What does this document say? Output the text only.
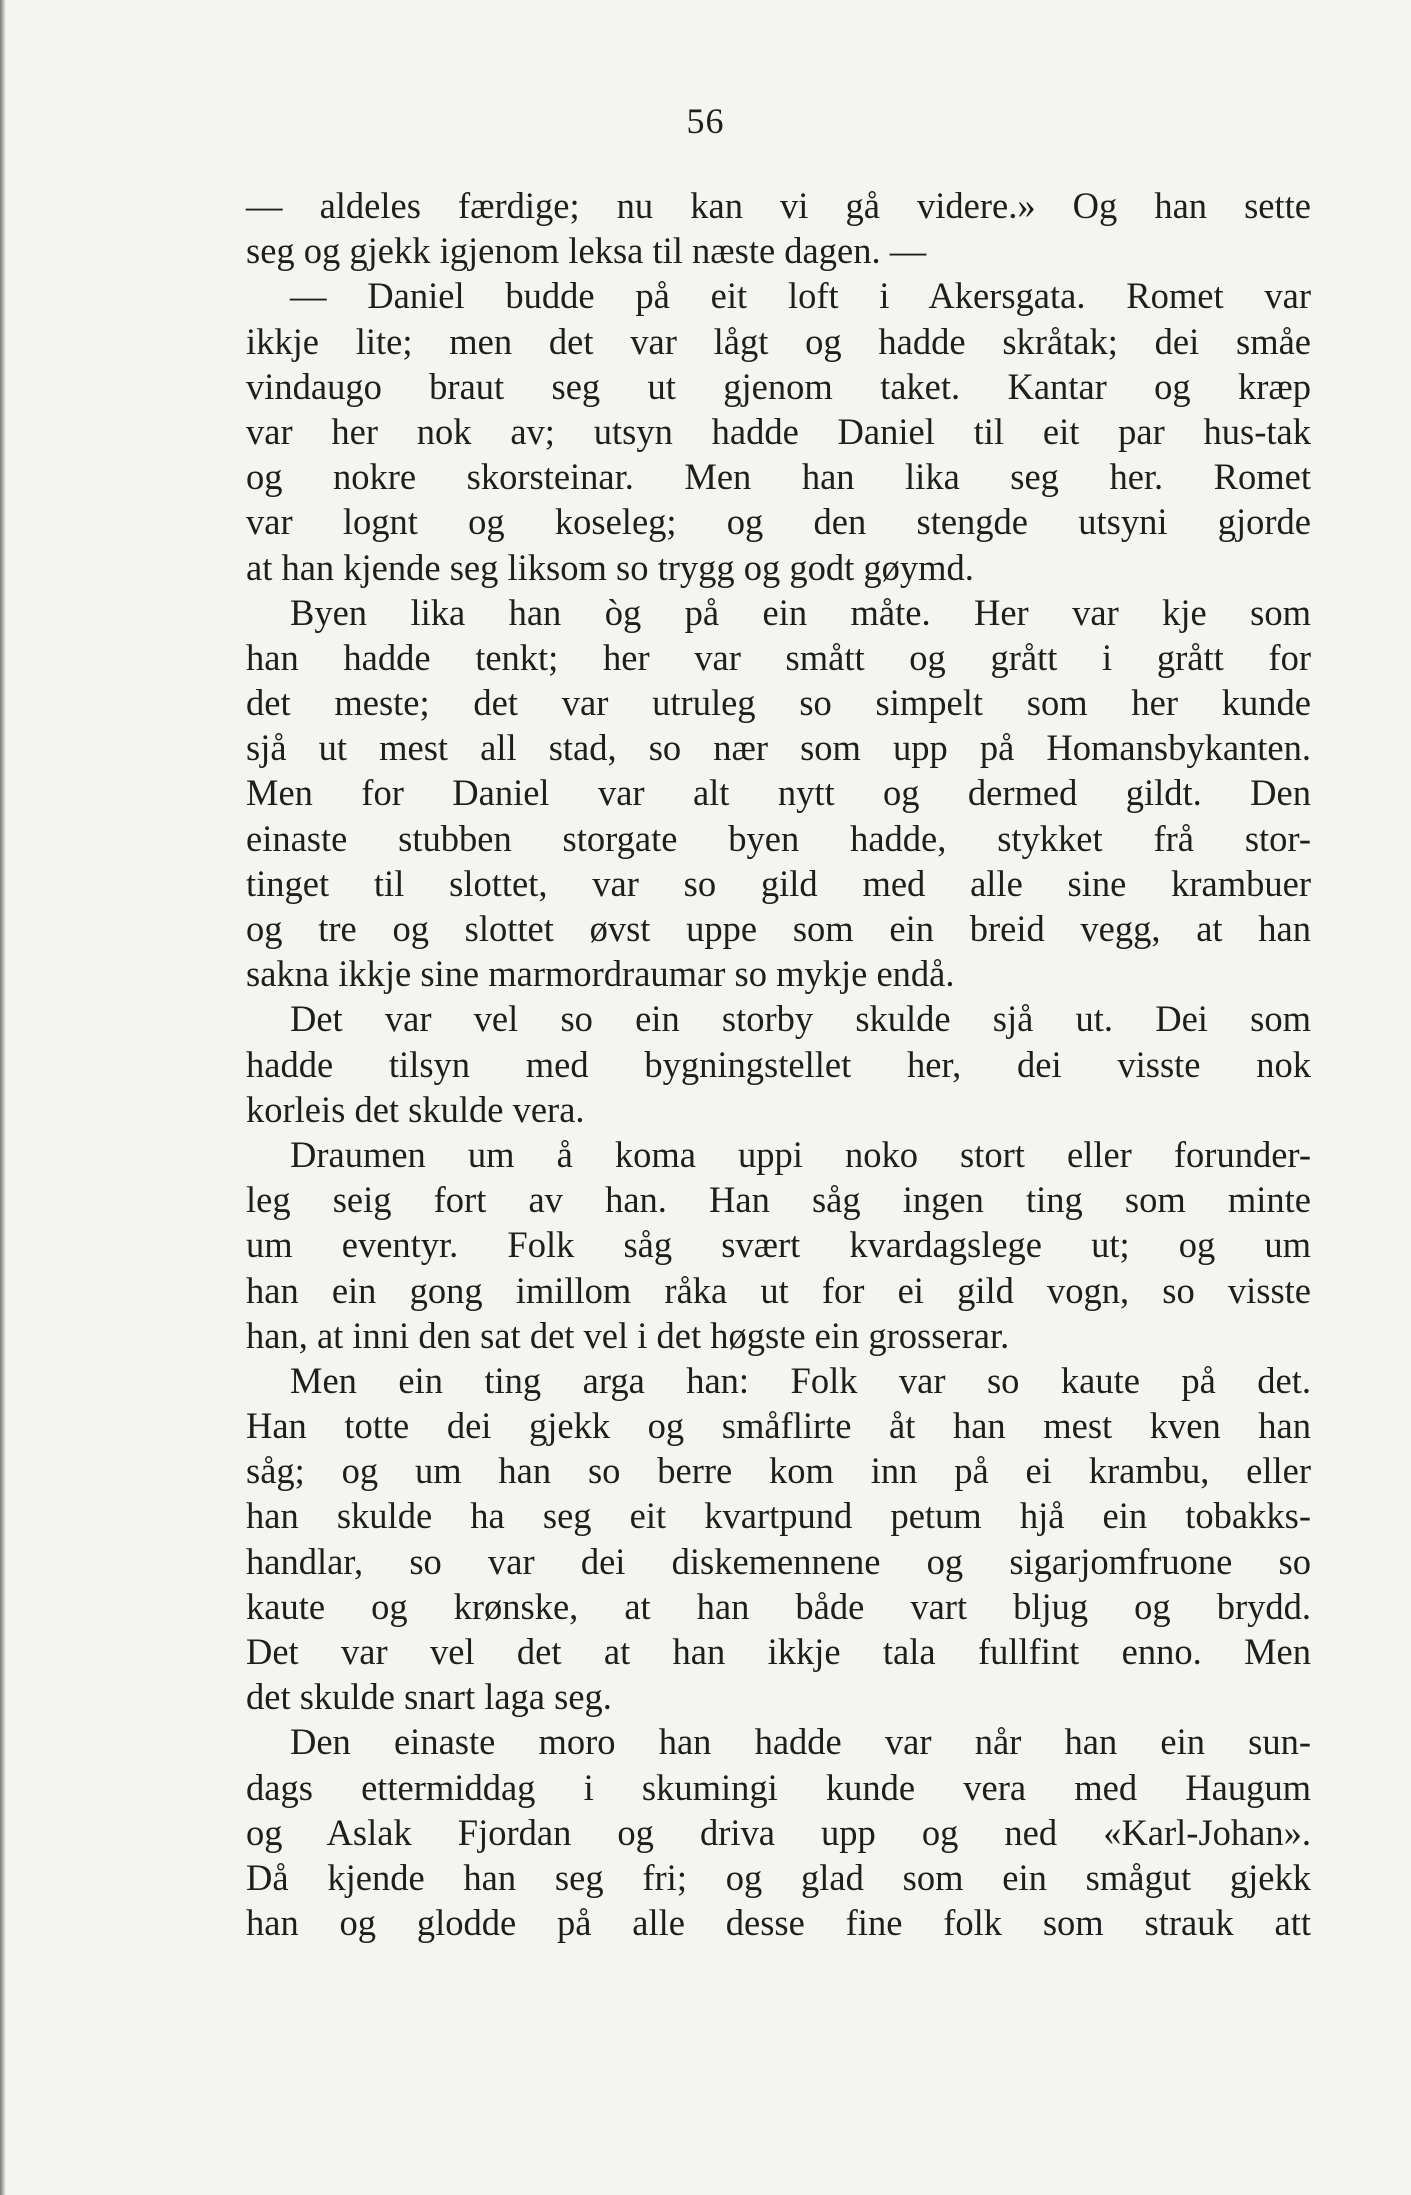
56
— aldeles færdige; nu kan vi gå videre.» Og han sette
seg og gjekk igjenom leksa til næste dagen. —
— Daniel budde på eit loft i Akersgata. Romet var
ikkje lite; men det var lågt og hadde skråtak; dei småe
vindaugo braut seg ut gjenom taket. Kantar og kræр
var her nok av; utsyn hadde Daniel til eit par hus-tak
og nokre skorsteinar. Men han lika seg her. Romet
var lognt og koseleg; og den stengde utsyni gjorde
at han kjende seg liksom so trygg og godt gøymd.
Byen lika han òg på ein måte. Her var kje som
han hadde tenkt; her var smått og grått i grått for
det meste; det var utruleg so simpelt som her kunde
sjå ut mest all stad, so nær som upp på Homansbykanten.
Men for Daniel var alt nytt og dermed gildt. Den
einaste stubben storgate byen hadde, stykket frå stor-
tinget til slottet, var so gild med alle sine krambuer
og tre og slottet øvst uppe som ein breid vegg, at han
sakna ikkje sine marmordraumar so mykje endå.
Det var vel so ein storby skulde sjå ut. Dei som
hadde tilsyn med bygningstellet her, dei visste nok
korleis det skulde vera.
Draumen um å koma uppi noko stort eller forunder-
leg seig fort av han. Han såg ingen ting som minte
um eventyr. Folk såg svært kvardagslege ut; og um
han ein gong imillom råka ut for ei gild vogn, so visste
han, at inni den sat det vel i det høgste ein grosserar.
Men ein ting arga han: Folk var so kaute på det.
Han totte dei gjekk og småflirte åt han mest kven han
såg; og um han so berre kom inn på ei krambu, eller
han skulde ha seg eit kvartpund petum hjå ein tobakks-
handlar, so var dei diskemennene og sigarjomfruone so
kaute og krønske, at han både vart bljug og brydd.
Det var vel det at han ikkje tala fullfint enno. Men
det skulde snart laga seg.
Den einaste moro han hadde var når han ein sun-
dags ettermiddag i skumingi kunde vera med Haugum
og Aslak Fjordan og driva upp og ned «Karl-Johan».
Då kjende han seg fri; og glad som ein smågut gjekk
han og glodde på alle desse fine folk som strauk att
